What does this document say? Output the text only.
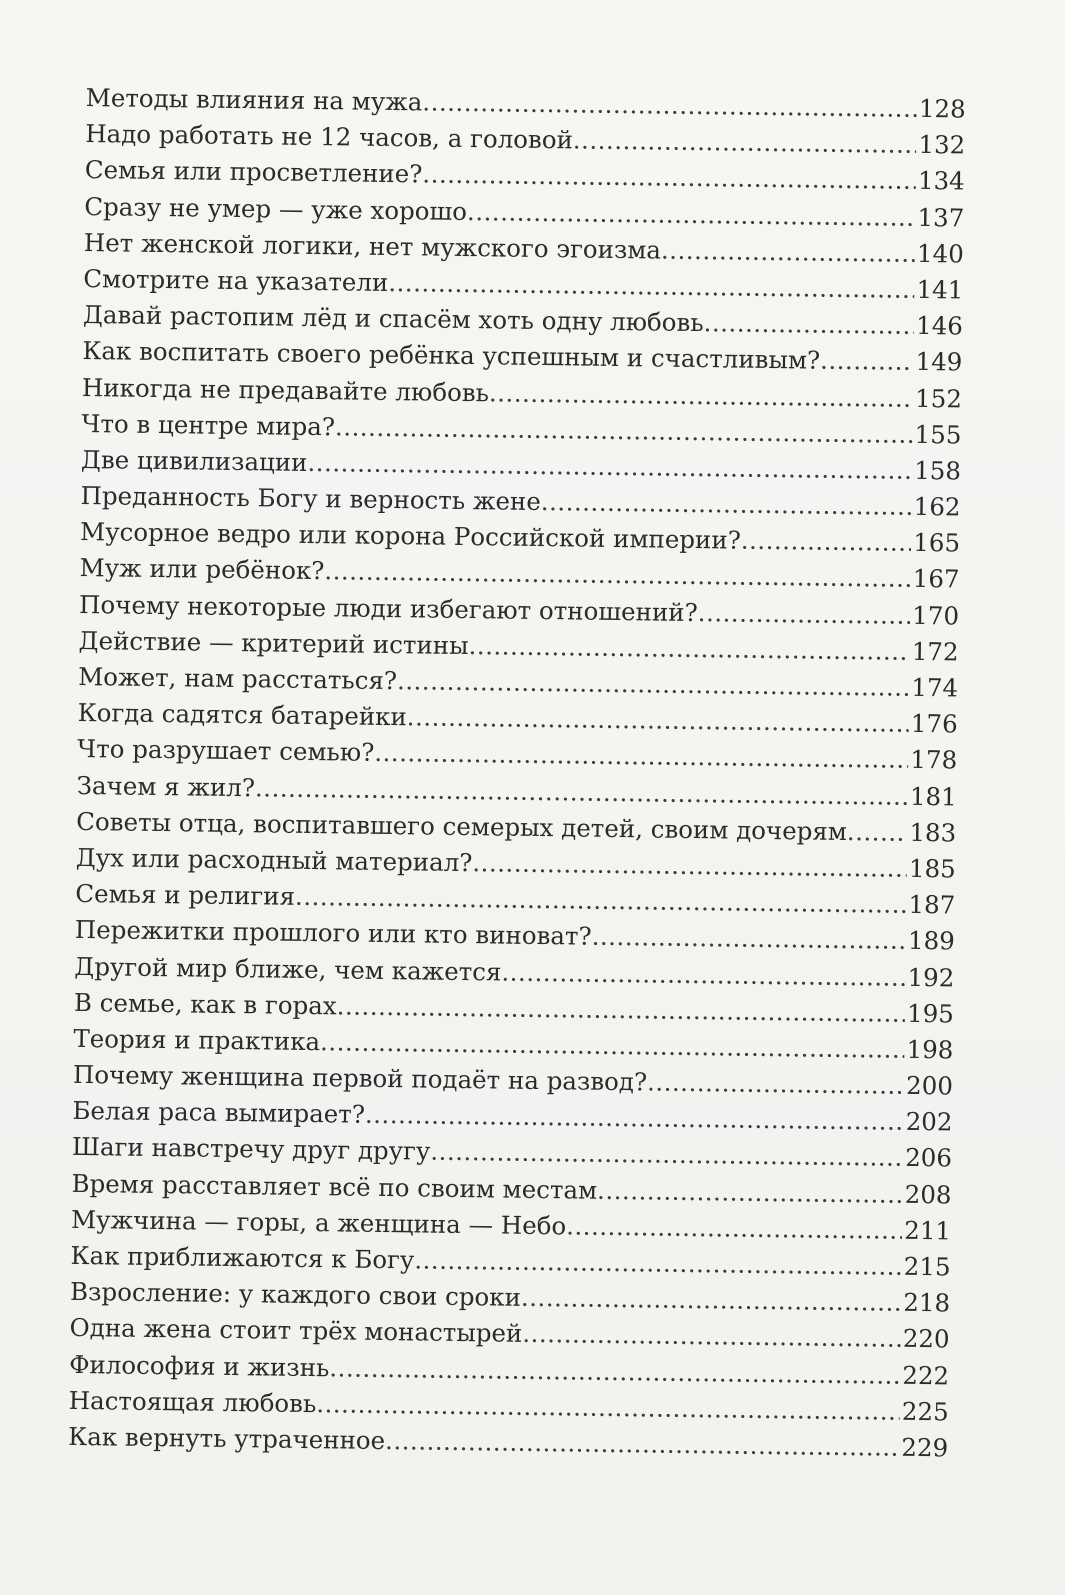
Методы влияния на мужа .....	128
Надо работать не 12 часов, а головой .....	132
Семья или просветление? .....	134
Сразу не умер — уже хорошо .....	137
Нет женской логики, нет мужского эгоизма .....	140
Смотрите на указатели .....	141
Давай растопим лёд и спасём хоть одну любовь .....	146
Как воспитать своего ребёнка успешным и счастливым? .....	149
Никогда не предавайте любовь .....	152
Что в центре мира? .....	155
Две цивилизации .....	158
Преданность Богу и верность жене .....	162
Мусорное ведро или корона Российской империи? .....	165
Муж или ребёнок? .....	167
Почему некоторые люди избегают отношений? .....	170
Действие — критерий истины .....	172
Может, нам расстаться? .....	174
Когда садятся батарейки .....	176
Что разрушает семью? .....	178
Зачем я жил? .....	181
Советы отца, воспитавшего семерых детей, своим дочерям .....	183
Дух или расходный материал? .....	185
Семья и религия .....	187
Пережитки прошлого или кто виноват? .....	189
Другой мир ближе, чем кажется .....	192
В семье, как в горах .....	195
Теория и практика .....	198
Почему женщина первой подаёт на развод? .....	200
Белая раса вымирает? .....	202
Шаги навстречу друг другу .....	206
Время расставляет всё по своим местам .....	208
Мужчина — горы, а женщина — Небо .....	211
Как приближаются к Богу .....	215
Взросление: у каждого свои сроки .....	218
Одна жена стоит трёх монастырей .....	220
Философия и жизнь .....	222
Настоящая любовь .....	225
Как вернуть утраченное .....	229
